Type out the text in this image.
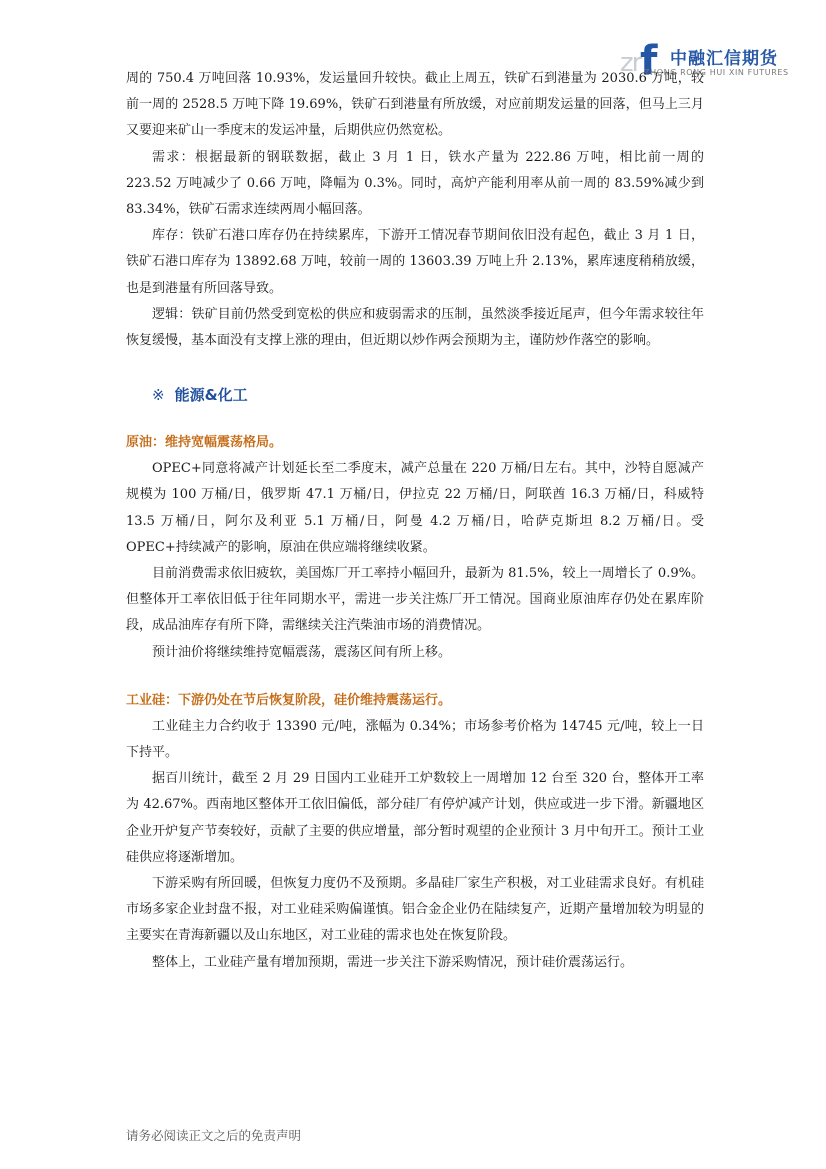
zr f 中融汇信期货
ZHONG RONG HUI XIN FUTURES

周的 750.4 万吨回落 10.93%，发运量回升较快。截止上周五，铁矿石到港量为 2030.6 万吨，较前一周的 2528.5 万吨下降 19.69%，铁矿石到港量有所放缓，对应前期发运量的回落，但马上三月又要迎来矿山一季度末的发运冲量，后期供应仍然宽松。

需求：根据最新的钢联数据，截止 3 月 1 日，铁水产量为 222.86 万吨，相比前一周的 223.52 万吨减少了 0.66 万吨，降幅为 0.3%。同时，高炉产能利用率从前一周的 83.59%减少到 83.34%，铁矿石需求连续两周小幅回落。

库存：铁矿石港口库存仍在持续累库，下游开工情况春节期间依旧没有起色，截止 3 月 1 日，铁矿石港口库存为 13892.68 万吨，较前一周的 13603.39 万吨上升 2.13%，累库速度稍稍放缓，也是到港量有所回落导致。

逻辑：铁矿目前仍然受到宽松的供应和疲弱需求的压制，虽然淡季接近尾声，但今年需求较往年恢复缓慢，基本面没有支撑上涨的理由，但近期以炒作两会预期为主，谨防炒作落空的影响。

※ 能源&化工
原油：维持宽幅震荡格局。

OPEC+同意将减产计划延长至二季度末，减产总量在 220 万桶/日左右。其中，沙特自愿减产规模为 100 万桶/日，俄罗斯 47.1 万桶/日，伊拉克 22 万桶/日，阿联酋 16.3 万桶/日，科威特 13.5 万桶/日，阿尔及利亚 5.1 万桶/日，阿曼 4.2 万桶/日，哈萨克斯坦 8.2 万桶/日。受 OPEC+持续减产的影响，原油在供应端将继续收紧。

目前消费需求依旧疲软，美国炼厂开工率持小幅回升，最新为 81.5%，较上一周增长了 0.9%。但整体开工率依旧低于往年同期水平，需进一步关注炼厂开工情况。国商业原油库存仍处在累库阶段，成品油库存有所下降，需继续关注汽柴油市场的消费情况。

预计油价将继续维持宽幅震荡，震荡区间有所上移。

工业硅：下游仍处在节后恢复阶段，硅价维持震荡运行。

工业硅主力合约收于 13390 元/吨，涨幅为 0.34%；市场参考价格为 14745 元/吨，较上一日下持平。

据百川统计，截至 2 月 29 日国内工业硅开工炉数较上一周增加 12 台至 320 台，整体开工率为 42.67%。西南地区整体开工依旧偏低，部分硅厂有停炉减产计划，供应或进一步下滑。新疆地区企业开炉复产节奏较好，贡献了主要的供应增量，部分暂时观望的企业预计 3 月中旬开工。预计工业硅供应将逐渐增加。

下游采购有所回暖，但恢复力度仍不及预期。多晶硅厂家生产积极，对工业硅需求良好。有机硅市场多家企业封盘不报，对工业硅采购偏谨慎。铝合金企业仍在陆续复产，近期产量增加较为明显的主要实在青海新疆以及山东地区，对工业硅的需求也处在恢复阶段。

整体上，工业硅产量有增加预期，需进一步关注下游采购情况，预计硅价震荡运行。

请务必阅读正文之后的免责声明
